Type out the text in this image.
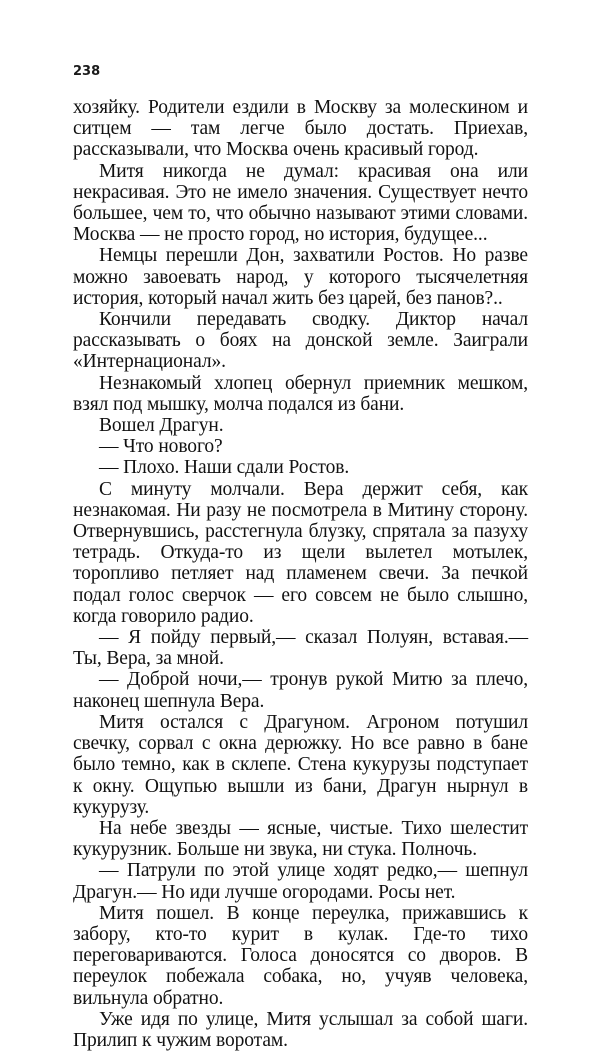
238

хозяйку. Родители ездили в Москву за молескином и ситцем — там легче было достать. Приехав, рассказывали, что Москва очень красивый город.

Митя никогда не думал: красивая она или некрасивая. Это не имело значения. Существует нечто большее, чем то, что обычно называют этими словами. Москва — не просто город, но история, будущее...

Немцы перешли Дон, захватили Ростов. Но разве можно завоевать народ, у которого тысячелетняя история, который начал жить без царей, без панов?..

Кончили передавать сводку. Диктор начал рассказывать о боях на донской земле. Заиграли «Интернационал».

Незнакомый хлопец обернул приемник мешком, взял под мышку, молча подался из бани.

Вошел Драгун.

— Что нового?

— Плохо. Наши сдали Ростов.

С минуту молчали. Вера держит себя, как незнакомая. Ни разу не посмотрела в Митину сторону. Отвернувшись, расстегнула блузку, спрятала за пазуху тетрадь. Откуда-то из щели вылетел мотылек, торопливо петляет над пламенем свечи. За печкой подал голос сверчок — его совсем не было слышно, когда говорило радио.

— Я пойду первый,— сказал Полуян, вставая.— Ты, Вера, за мной.

— Доброй ночи,— тронув рукой Митю за плечо, наконец шепнула Вера.

Митя остался с Драгуном. Агроном потушил свечку, сорвал с окна дерюжку. Но все равно в бане было темно, как в склепе. Стена кукурузы подступает к окну. Ощупью вышли из бани, Драгун нырнул в кукурузу.

На небе звезды — ясные, чистые. Тихо шелестит кукурузник. Больше ни звука, ни стука. Полночь.

— Патрули по этой улице ходят редко,— шепнул Драгун.— Но иди лучше огородами. Росы нет.

Митя пошел. В конце переулка, прижавшись к забору, кто-то курит в кулак. Где-то тихо переговариваются. Голоса доносятся со дворов. В переулок побежала собака, но, учуяв человека, вильнула обратно.

Уже идя по улице, Митя услышал за собой шаги. Прилип к чужим воротам.
